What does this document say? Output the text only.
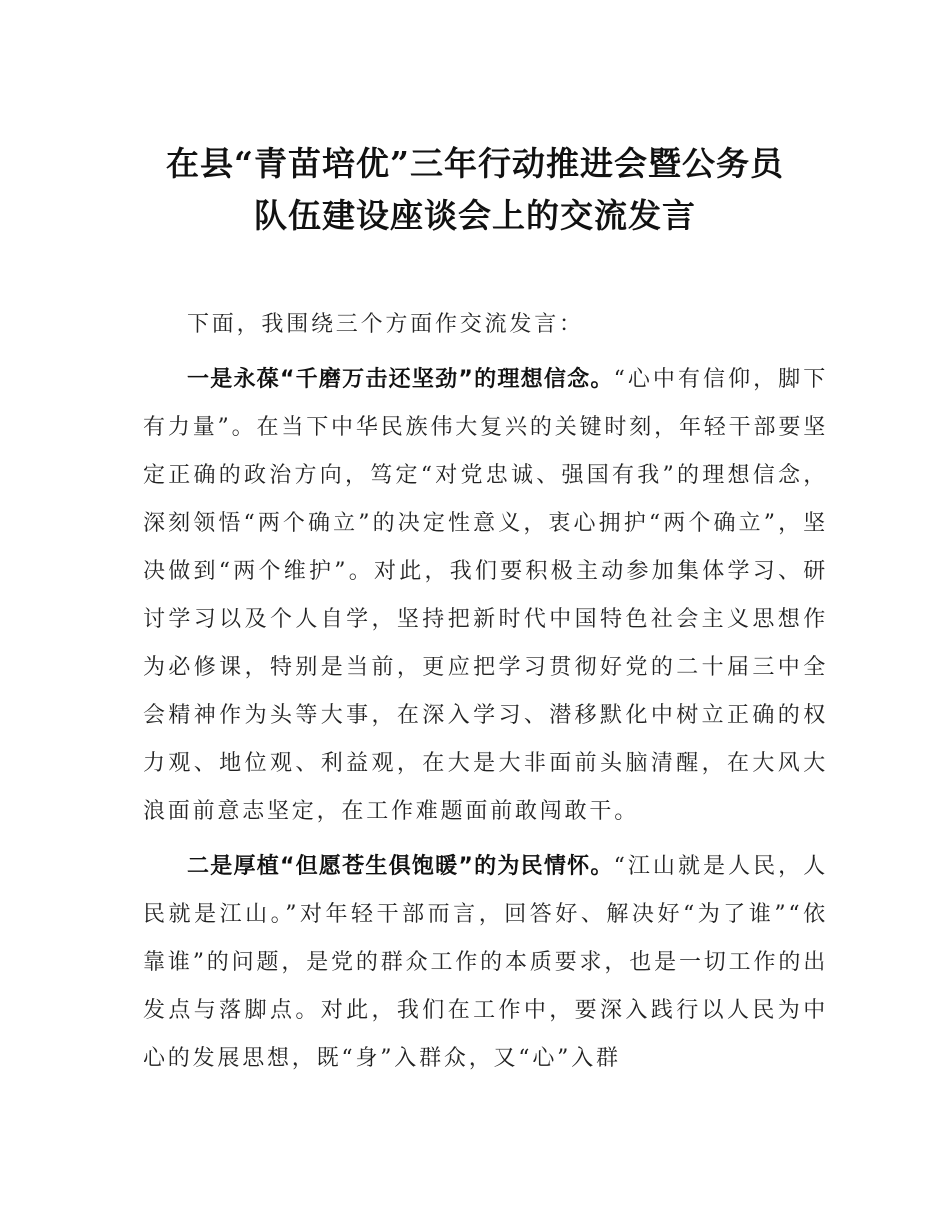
在县“青苗培优”三年行动推进会暨公务员
队伍建设座谈会上的交流发言

下面，我围绕三个方面作交流发言：

一是永葆“千磨万击还坚劲”的理想信念。“心中有信仰，脚下有力量”。在当下中华民族伟大复兴的关键时刻，年轻干部要坚定正确的政治方向，笃定“对党忠诚、强国有我”的理想信念，深刻领悟“两个确立”的决定性意义，衷心拥护“两个确立”，坚决做到“两个维护”。对此，我们要积极主动参加集体学习、研讨学习以及个人自学，坚持把新时代中国特色社会主义思想作为必修课，特别是当前，更应把学习贯彻好党的二十届三中全会精神作为头等大事，在深入学习、潜移默化中树立正确的权力观、地位观、利益观，在大是大非面前头脑清醒，在大风大浪面前意志坚定，在工作难题面前敢闯敢干。

二是厚植“但愿苍生俱饱暖”的为民情怀。“江山就是人民，人民就是江山。”对年轻干部而言，回答好、解决好“为了谁”“依靠谁”的问题，是党的群众工作的本质要求，也是一切工作的出发点与落脚点。对此，我们在工作中，要深入践行以人民为中心的发展思想，既“身”入群众，又“心”入群
